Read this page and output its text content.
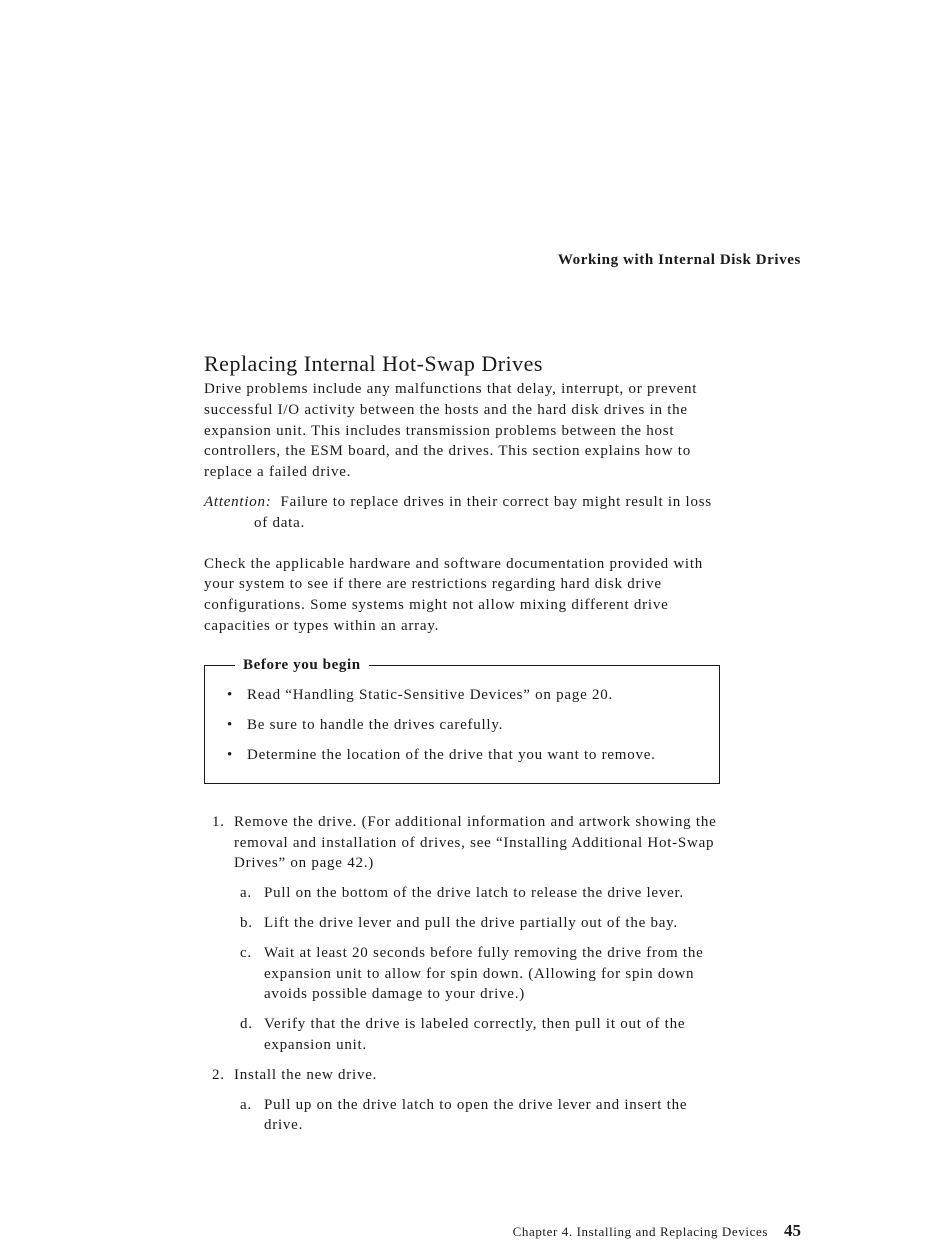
Working with Internal Disk Drives
Replacing Internal Hot-Swap Drives

Drive problems include any malfunctions that delay, interrupt, or prevent successful I/O activity between the hosts and the hard disk drives in the expansion unit. This includes transmission problems between the host controllers, the ESM board, and the drives. This section explains how to replace a failed drive.

Attention: Failure to replace drives in their correct bay might result in loss of data.

Check the applicable hardware and software documentation provided with your system to see if there are restrictions regarding hard disk drive configurations. Some systems might not allow mixing different drive capacities or types within an array.

Before you begin
• Read “Handling Static-Sensitive Devices” on page 20.
• Be sure to handle the drives carefully.
• Determine the location of the drive that you want to remove.
1. Remove the drive. (For additional information and artwork showing the removal and installation of drives, see “Installing Additional Hot-Swap Drives” on page 42.)
a. Pull on the bottom of the drive latch to release the drive lever.
b. Lift the drive lever and pull the drive partially out of the bay.
c. Wait at least 20 seconds before fully removing the drive from the expansion unit to allow for spin down. (Allowing for spin down avoids possible damage to your drive.)
d. Verify that the drive is labeled correctly, then pull it out of the expansion unit.
2. Install the new drive.
a. Pull up on the drive latch to open the drive lever and insert the drive.
Chapter 4. Installing and Replacing Devices 45
